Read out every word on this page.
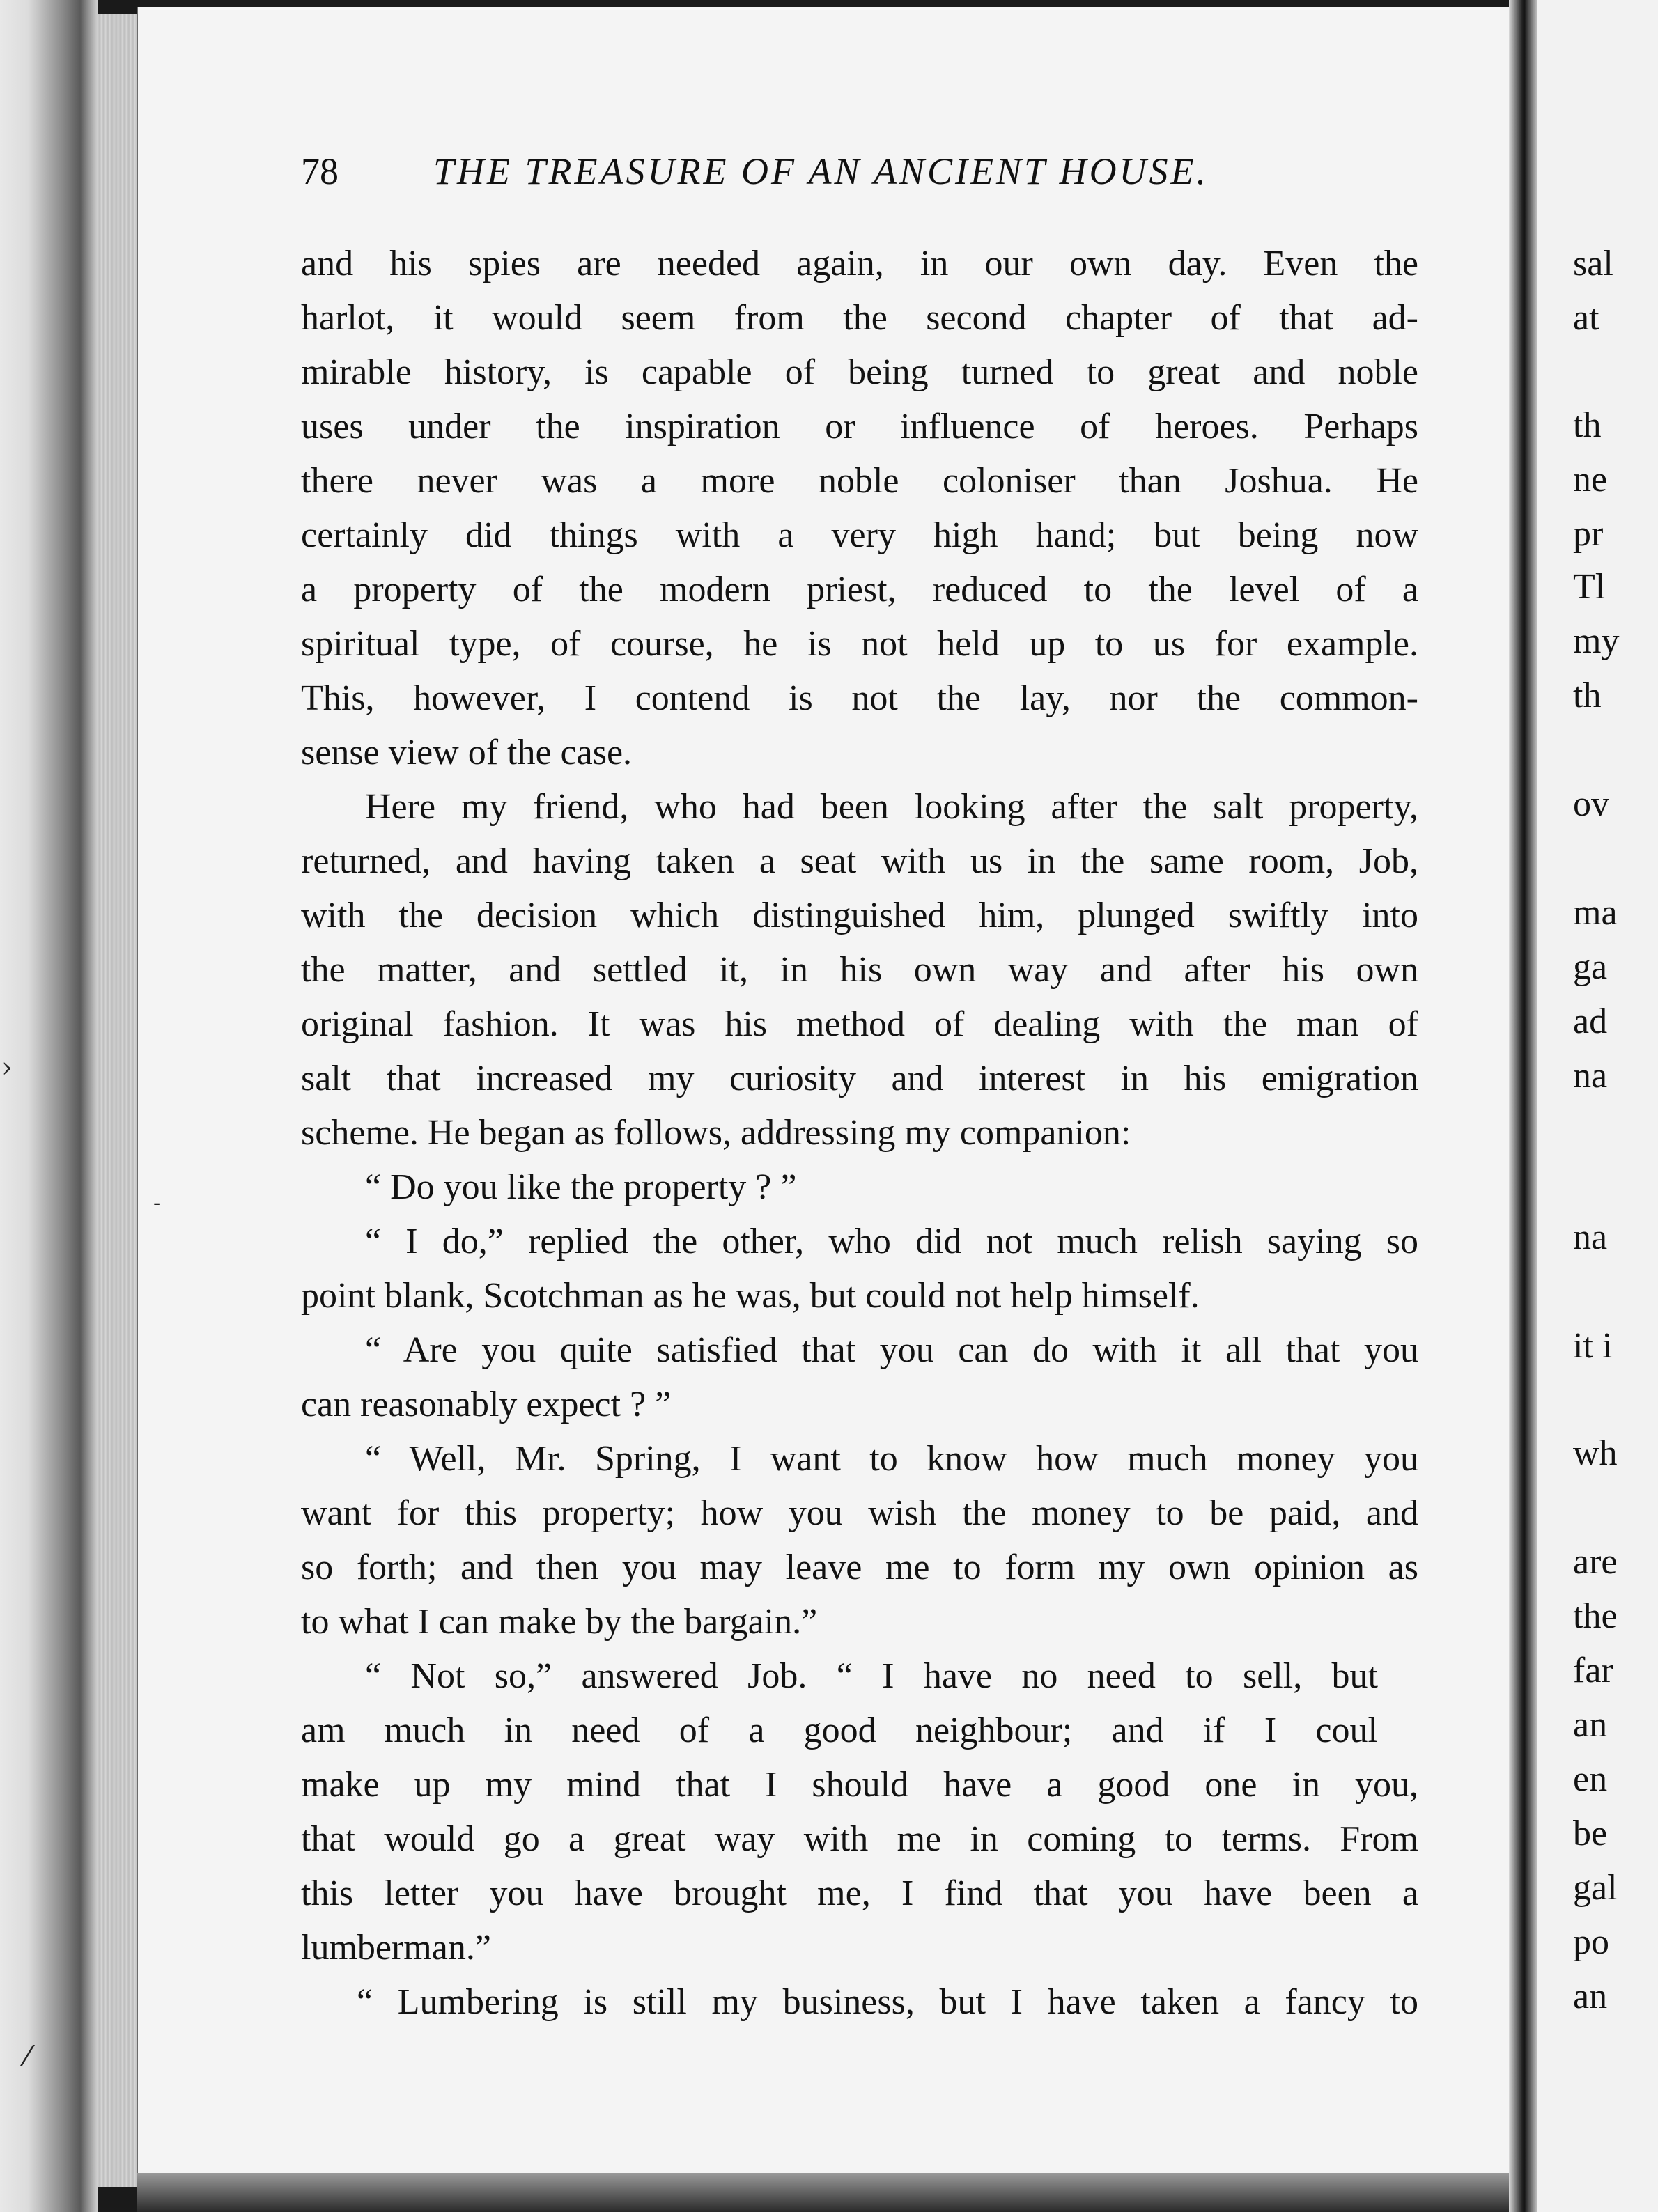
›
-
⁄
78	THE TREASURE OF AN ANCIENT HOUSE.
and his spies are needed again, in our own day. Even the
harlot, it would seem from the second chapter of that ad-
mirable history, is capable of being turned to great and noble
uses under the inspiration or influence of heroes. Perhaps
there never was a more noble coloniser than Joshua. He
certainly did things with a very high hand; but being now
a property of the modern priest, reduced to the level of a
spiritual type, of course, he is not held up to us for example.
This, however, I contend is not the lay, nor the common-
sense view of the case.
Here my friend, who had been looking after the salt property,
returned, and having taken a seat with us in the same room, Job,
with the decision which distinguished him, plunged swiftly into
the matter, and settled it, in his own way and after his own
original fashion. It was his method of dealing with the man of
salt that increased my curiosity and interest in his emigration
scheme. He began as follows, addressing my companion:
“ Do you like the property ? ”
“ I do,” replied the other, who did not much relish saying so
point blank, Scotchman as he was, but could not help himself.
“ Are you quite satisfied that you can do with it all that you
can reasonably expect ? ”
“ Well, Mr. Spring, I want to know how much money you
want for this property; how you wish the money to be paid, and
so forth; and then you may leave me to form my own opinion as
to what I can make by the bargain.”
“ Not so,” answered Job. “ I have no need to sell, but
am much in need of a good neighbour; and if I coul
make up my mind that I should have a good one in you,
that would go a great way with me in coming to terms. From
this letter you have brought me, I find that you have been a
lumberman.”
“ Lumbering is still my business, but I have taken a fancy to
sal
at
th
ne
pr
Tl
my
th
ov
ma
ga
ad
na
na
it i
wh
are
the
far
an
en
be
gal
po
an
